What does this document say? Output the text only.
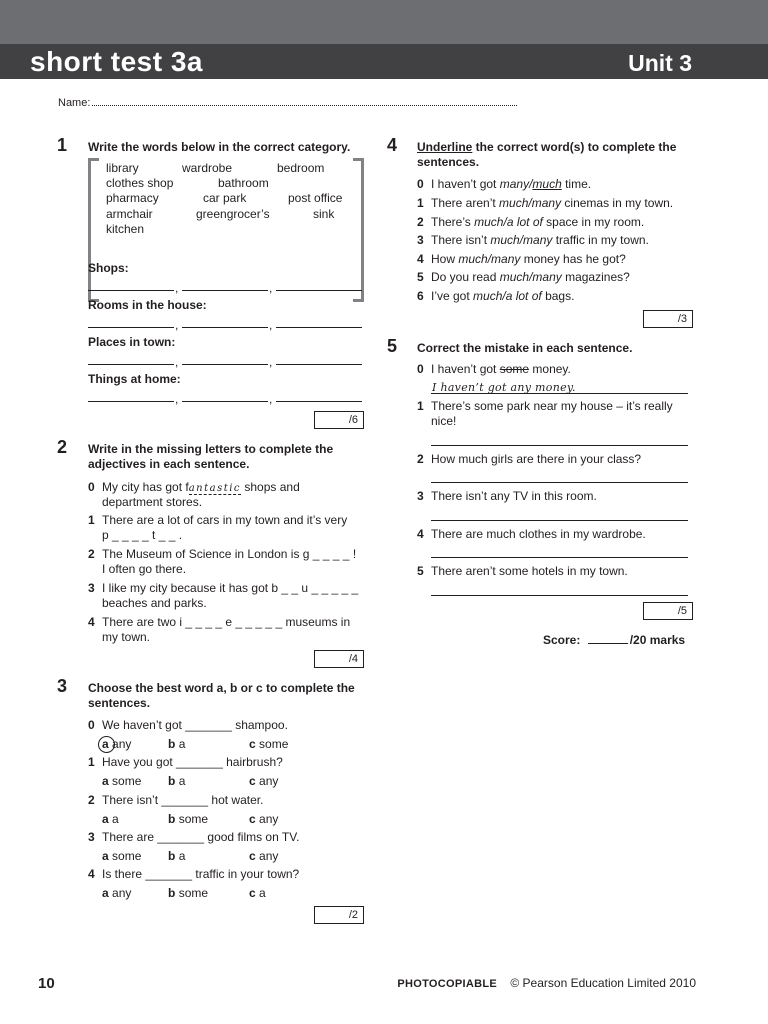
short test 3a	Unit 3
Name:
1 Write the words below in the correct category.
library	wardrobe	bedroom
clothes shop	bathroom
pharmacy	car park	post office
armchair	greengrocer’s	sink
kitchen
Shops:
Rooms in the house:
Places in town:
Things at home:
,	,
,	,
,	,
,	,
/6
2 Write in the missing letters to complete the
adjectives in each sentence.
0 My city has got fantastic shops and
department stores.
1 There are a lot of cars in my town and it’s very
p _ _ _ _ t _ _ .
2 The Museum of Science in London is g _ _ _ _ !
I often go there.
3 I like my city because it has got b _ _ u _ _ _ _ _
beaches and parks.
4 There are two i _ _ _ _ e _ _ _ _ _ museums in
my town.
/4
3 Choose the best word a, b or c to complete the
sentences.
0 We haven’t got _______ shampoo.
a any	b a	c some
1 Have you got _______ hairbrush?
a some b a	c any
2 There isn’t _______ hot water.
a a	b some	c any
3 There are _______ good films on TV.
a some b a	c any
4 Is there _______ traffic in your town?
a any	b some	c a
/2
4 Underline the correct word(s) to complete the
sentences.
0 I haven’t got many/much time.
1 There aren’t much/many cinemas in my town.
2 There’s much/a lot of space in my room.
3 There isn’t much/many traffic in my town.
4 How much/many money has he got?
5 Do you read much/many magazines?
6 I’ve got much/a lot of bags.
/3
5 Correct the mistake in each sentence.
0 I haven’t got some money.
I haven’t got any money.
1 There’s some park near my house – it’s really
nice!
2 How much girls are there in your class?
3 There isn’t any TV in this room.
4 There are much clothes in my wardrobe.
5 There aren’t some hotels in my town.
/5
Score:	/20 marks
10	PHOTOCOPIABLE © Pearson Education Limited 2010
